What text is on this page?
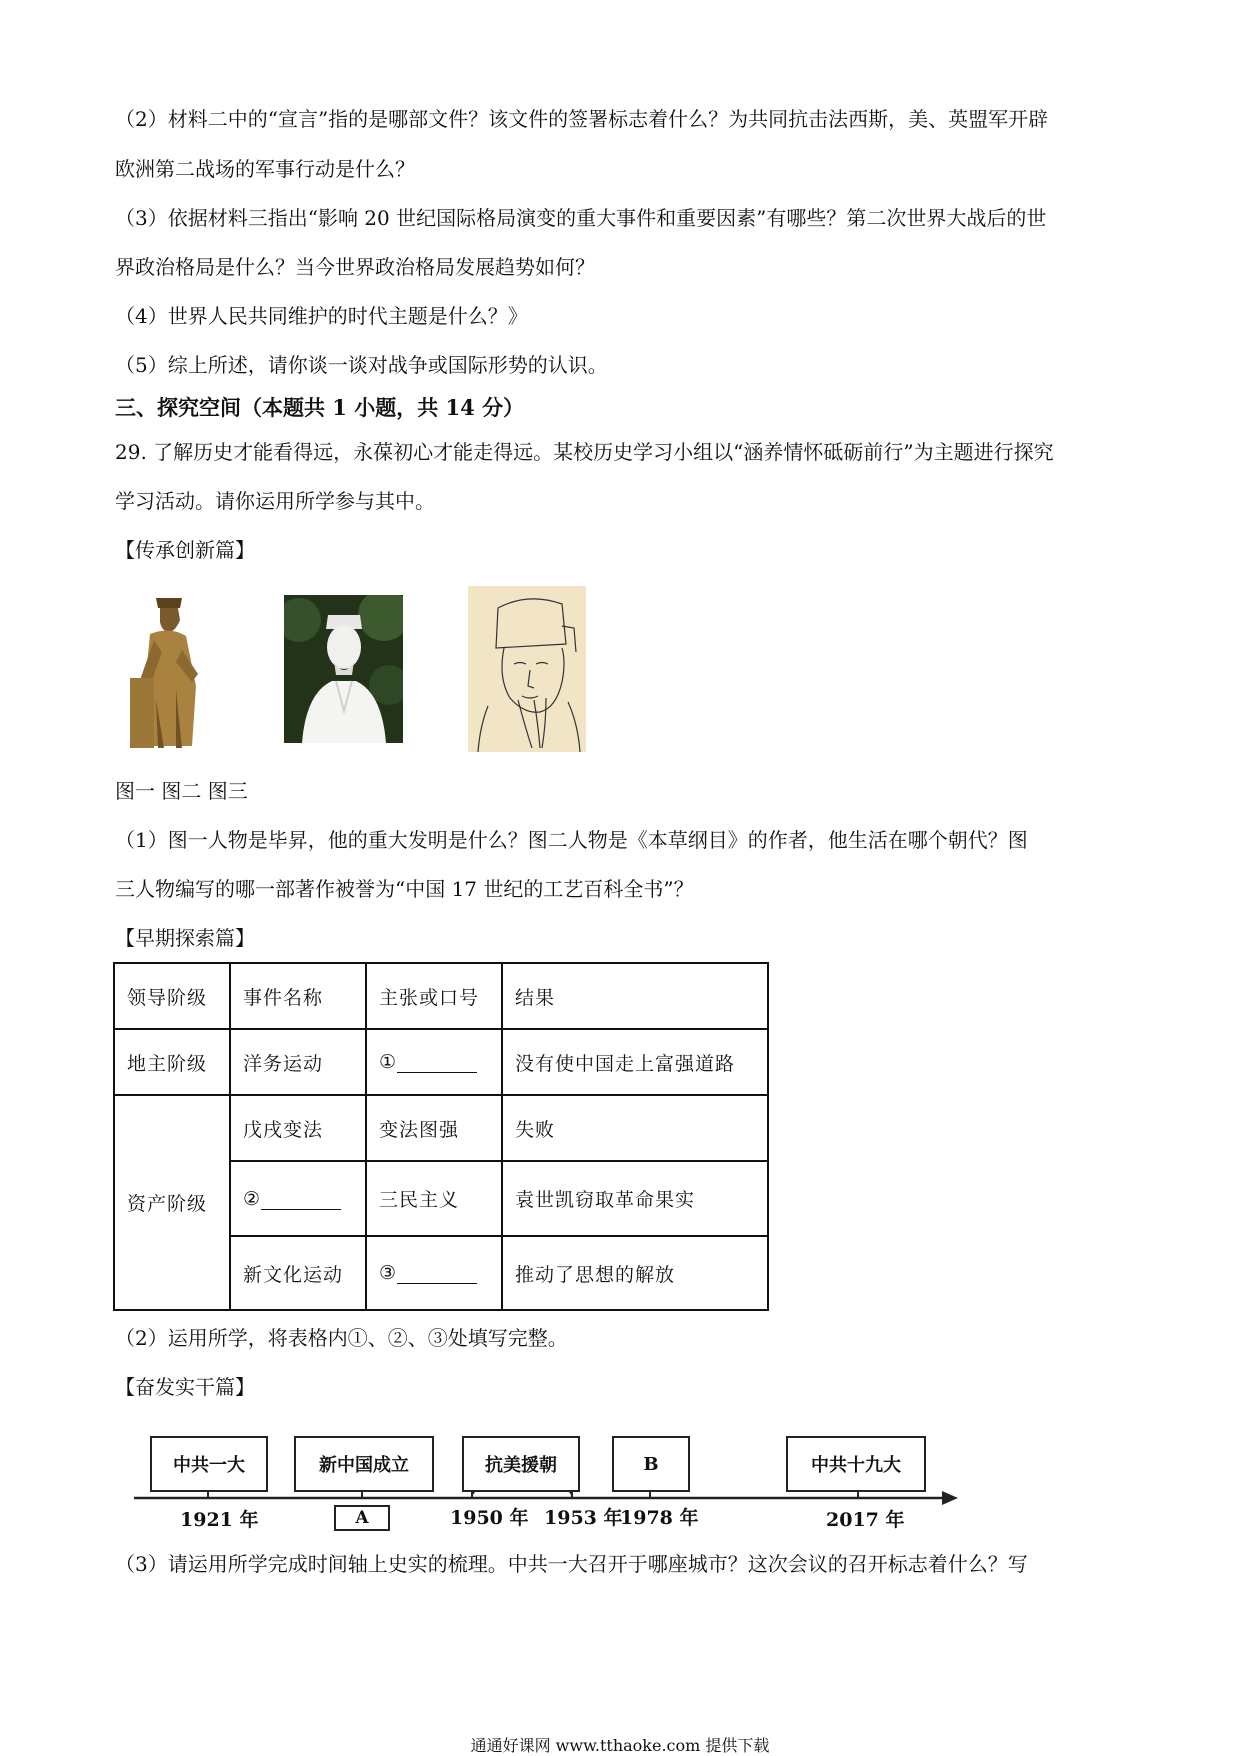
（2）材料二中的“宣言”指的是哪部文件？该文件的签署标志着什么？为共同抗击法西斯，美、英盟军开辟
欧洲第二战场的军事行动是什么？
（3）依据材料三指出“影响 20 世纪国际格局演变的重大事件和重要因素”有哪些？第二次世界大战后的世
界政治格局是什么？当今世界政治格局发展趋势如何？
（4）世界人民共同维护的时代主题是什么？》
（5）综上所述，请你谈一谈对战争或国际形势的认识。
三、探究空间（本题共 1 小题，共 14 分）
29. 了解历史才能看得远，永葆初心才能走得远。某校历史学习小组以“涵养情怀砥砺前行”为主题进行探究
学习活动。请你运用所学参与其中。
【传承创新篇】
图一 图二 图三
（1）图一人物是毕昇，他的重大发明是什么？图二人物是《本草纲目》的作者，他生活在哪个朝代？图
三人物编写的哪一部著作被誉为“中国 17 世纪的工艺百科全书”？
【早期探索篇】
领导阶级	事件名称	主张或口号	结果
地主阶级	洋务运动	①	没有使中国走上富强道路
资产阶级	戊戌变法	变法图强	失败
	②	三民主义	袁世凯窃取革命果实
	新文化运动	③	推动了思想的解放
（2）运用所学，将表格内①、②、③处填写完整。
【奋发实干篇】
中共一大	新中国成立	抗美援朝	B	中共十九大
A
1921 年	1950 年 1953 年
1978 年	2017 年
（3）请运用所学完成时间轴上史实的梳理。中共一大召开于哪座城市？这次会议的召开标志着什么？写
通通好课网 www.tthaoke.com 提供下载
